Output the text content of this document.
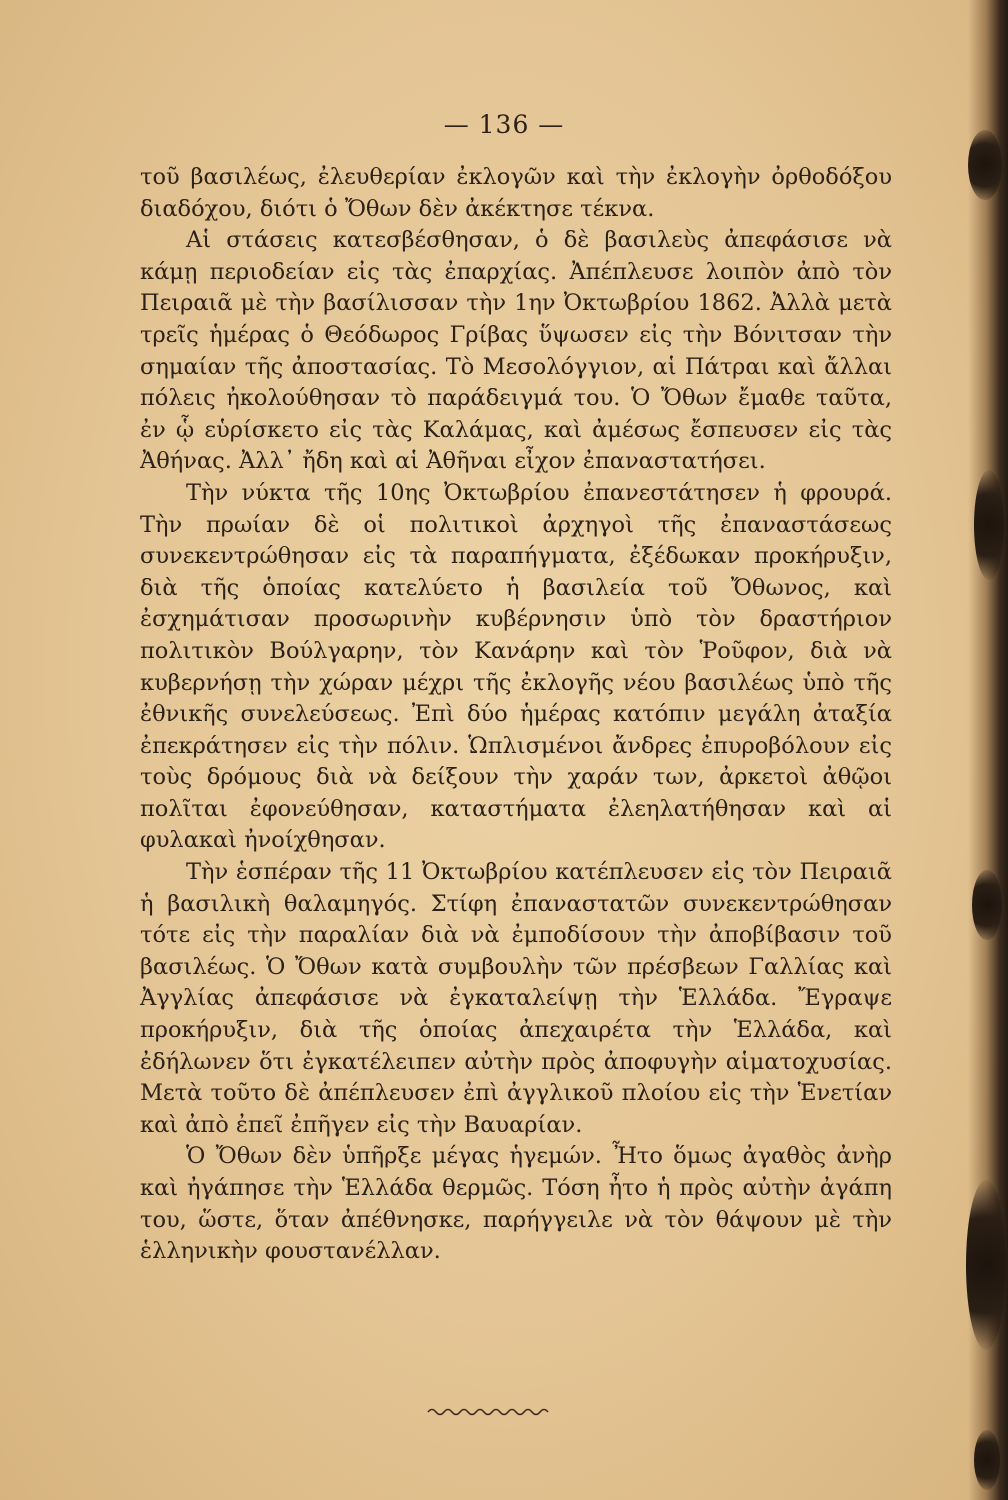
— 136 —

τοῦ βασιλέως, ἐλευθερίαν ἐκλογῶν καὶ τὴν ἐκλογὴν ὀρθοδόξου διαδόχου, διότι ὁ Ὄθων δὲν ἀκέκτησε τέκνα.

Αἱ στάσεις κατεσβέσθησαν, ὁ δὲ βασιλεὺς ἀπεφάσισε νὰ κάμῃ περιοδείαν εἰς τὰς ἐπαρχίας. Ἀπέπλευσε λοιπὸν ἀπὸ τὸν Πειραιᾶ μὲ τὴν βασίλισσαν τὴν 1ην Ὀκτωβρίου 1862. Ἀλλὰ μετὰ τρεῖς ἡμέρας ὁ Θεόδωρος Γρίβας ὕψωσεν εἰς τὴν Βόνιτσαν τὴν σημαίαν τῆς ἀποστασίας. Τὸ Μεσολόγγιον, αἱ Πάτραι καὶ ἄλλαι πόλεις ἠκολούθησαν τὸ παράδειγμά του. Ὁ Ὄθων ἔμαθε ταῦτα, ἐν ᾧ εὑρίσκετο εἰς τὰς Καλάμας, καὶ ἀμέσως ἔσπευσεν εἰς τὰς Ἀθήνας. Ἀλλ᾽ ἤδη καὶ αἱ Ἀθῆναι εἶχον ἐπαναστατήσει.

Τὴν νύκτα τῆς 10ης Ὀκτωβρίου ἐπανεστάτησεν ἡ φρουρά. Τὴν πρωίαν δὲ οἱ πολιτικοὶ ἀρχηγοὶ τῆς ἐπαναστάσεως συνεκεντρώθησαν εἰς τὰ παραπήγματα, ἐξέδωκαν προκήρυξιν, διὰ τῆς ὁποίας κατελύετο ἡ βασιλεία τοῦ Ὄθωνος, καὶ ἐσχημάτισαν προσωρινὴν κυβέρνησιν ὑπὸ τὸν δραστήριον πολιτικὸν Βούλγαρην, τὸν Κανάρην καὶ τὸν Ῥοῦφον, διὰ νὰ κυβερνήσῃ τὴν χώραν μέχρι τῆς ἐκλογῆς νέου βασιλέως ὑπὸ τῆς ἐθνικῆς συνελεύσεως. Ἐπὶ δύο ἡμέρας κατόπιν μεγάλη ἀταξία ἐπεκράτησεν εἰς τὴν πόλιν. Ὡπλισμένοι ἄνδρες ἐπυροβόλουν εἰς τοὺς δρόμους διὰ νὰ δείξουν τὴν χαράν των, ἀρκετοὶ ἀθῷοι πολῖται ἐφονεύθησαν, καταστήματα ἐλεηλατήθησαν καὶ αἱ φυλακαὶ ἠνοίχθησαν.

Τὴν ἑσπέραν τῆς 11 Ὀκτωβρίου κατέπλευσεν εἰς τὸν Πειραιᾶ ἡ βασιλικὴ θαλαμηγός. Στίφη ἐπαναστατῶν συνεκεντρώθησαν τότε εἰς τὴν παραλίαν διὰ νὰ ἐμποδίσουν τὴν ἀποβίβασιν τοῦ βασιλέως. Ὁ Ὄθων κατὰ συμβουλὴν τῶν πρέσβεων Γαλλίας καὶ Ἀγγλίας ἀπεφάσισε νὰ ἐγκαταλείψῃ τὴν Ἑλλάδα. Ἔγραψε προκήρυξιν, διὰ τῆς ὁποίας ἀπεχαιρέτα τὴν Ἑλλάδα, καὶ ἐδήλωνεν ὅτι ἐγκατέλειπεν αὐτὴν πρὸς ἀποφυγὴν αἱματοχυσίας. Μετὰ τοῦτο δὲ ἀπέπλευσεν ἐπὶ ἀγγλικοῦ πλοίου εἰς τὴν Ἑνετίαν καὶ ἀπὸ ἐπεῖ ἐπῆγεν εἰς τὴν Βαυαρίαν.

Ὁ Ὄθων δὲν ὑπῆρξε μέγας ἡγεμών. Ἦτο ὅμως ἀγαθὸς ἀνὴρ καὶ ἠγάπησε τὴν Ἑλλάδα θερμῶς. Τόση ἦτο ἡ πρὸς αὐτὴν ἀγάπη του, ὥστε, ὅταν ἀπέθνησκε, παρήγγειλε νὰ τὸν θάψουν μὲ τὴν ἑλληνικὴν φουστανέλλαν.
